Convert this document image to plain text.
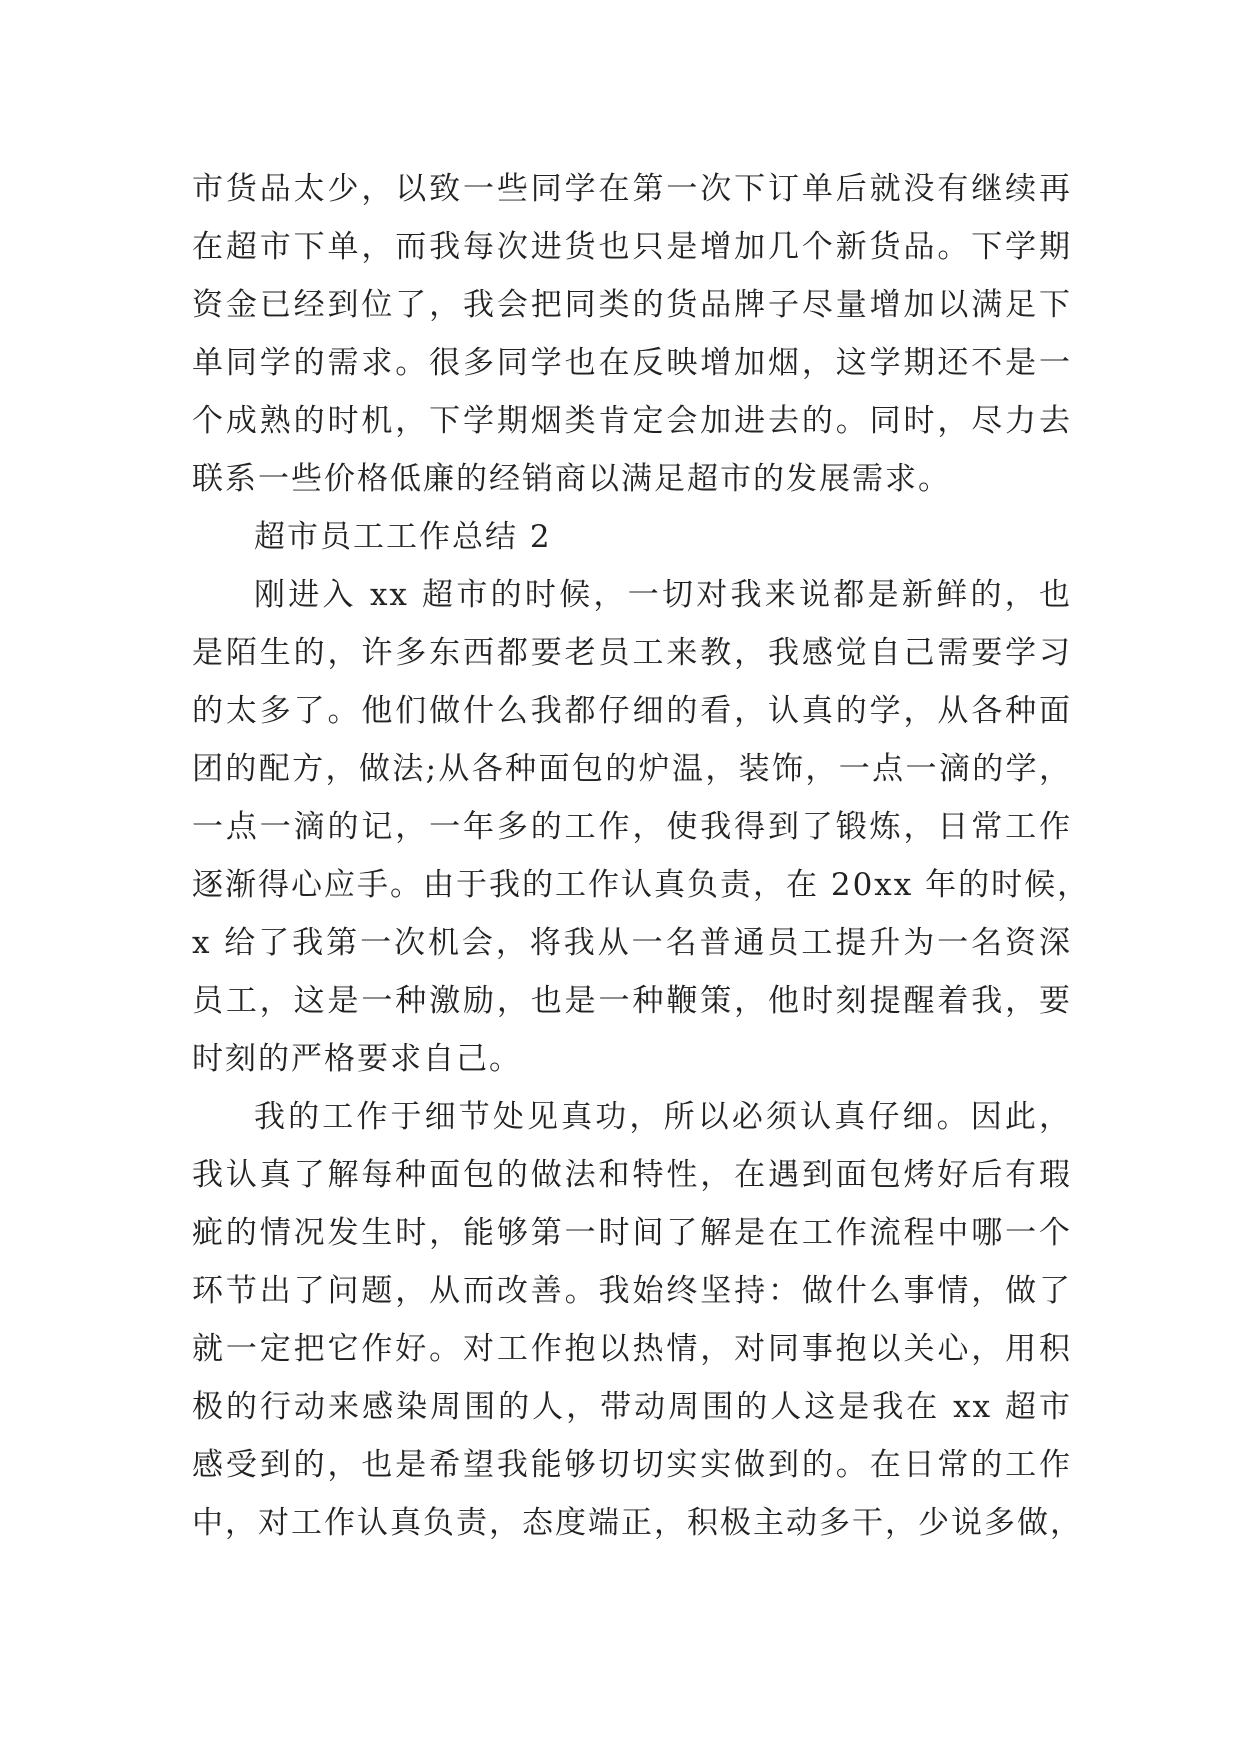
市货品太少，以致一些同学在第一次下订单后就没有继续再
在超市下单，而我每次进货也只是增加几个新货品。下学期
资金已经到位了，我会把同类的货品牌子尽量增加以满足下
单同学的需求。很多同学也在反映增加烟，这学期还不是一
个成熟的时机，下学期烟类肯定会加进去的。同时，尽力去
联系一些价格低廉的经销商以满足超市的发展需求。
超市员工工作总结 2
刚进入 xx 超市的时候，一切对我来说都是新鲜的，也
是陌生的，许多东西都要老员工来教，我感觉自己需要学习
的太多了。他们做什么我都仔细的看，认真的学，从各种面
团的配方，做法;从各种面包的炉温，装饰，一点一滴的学，
一点一滴的记，一年多的工作，使我得到了锻炼，日常工作
逐渐得心应手。由于我的工作认真负责，在 20xx 年的时候，
x 给了我第一次机会，将我从一名普通员工提升为一名资深
员工，这是一种激励，也是一种鞭策，他时刻提醒着我，要
时刻的严格要求自己。
我的工作于细节处见真功，所以必须认真仔细。因此，
我认真了解每种面包的做法和特性，在遇到面包烤好后有瑕
疵的情况发生时，能够第一时间了解是在工作流程中哪一个
环节出了问题，从而改善。我始终坚持：做什么事情，做了
就一定把它作好。对工作抱以热情，对同事抱以关心，用积
极的行动来感染周围的人，带动周围的人这是我在 xx 超市
感受到的，也是希望我能够切切实实做到的。在日常的工作
中，对工作认真负责，态度端正，积极主动多干，少说多做，
